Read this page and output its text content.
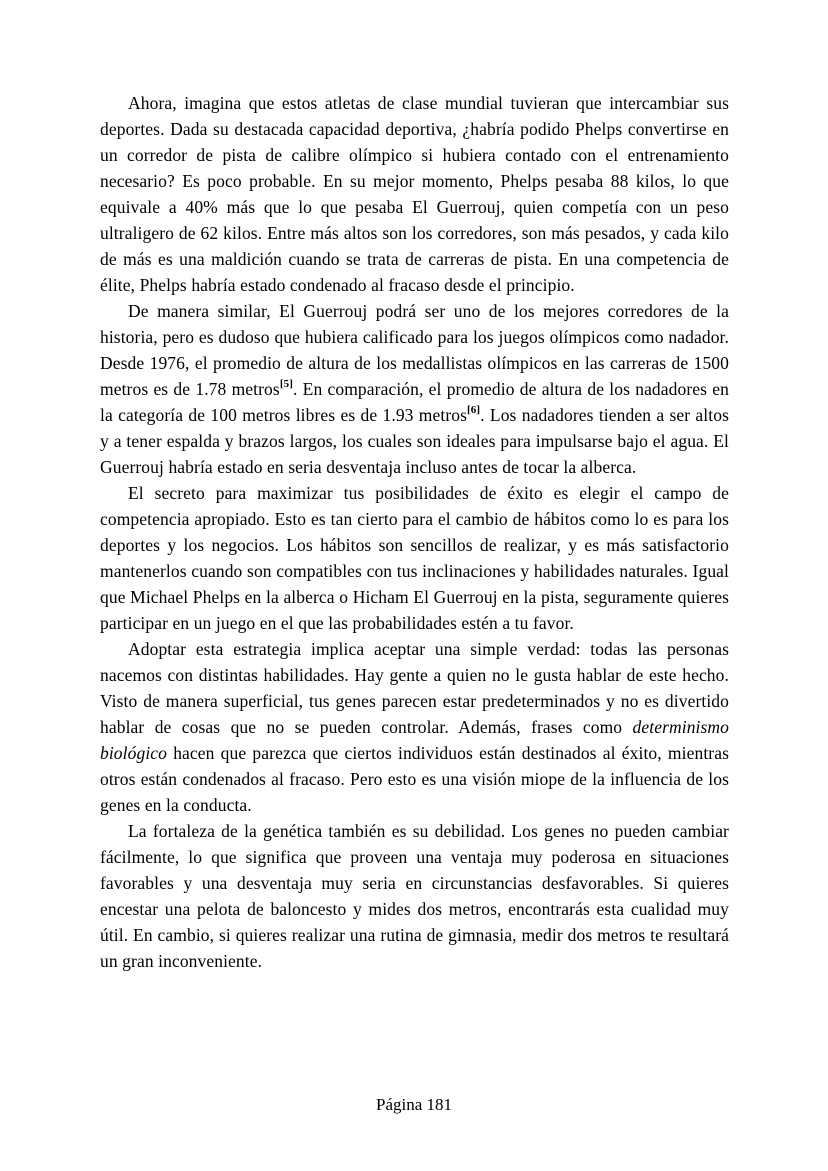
Ahora, imagina que estos atletas de clase mundial tuvieran que intercambiar sus deportes. Dada su destacada capacidad deportiva, ¿habría podido Phelps convertirse en un corredor de pista de calibre olímpico si hubiera contado con el entrenamiento necesario? Es poco probable. En su mejor momento, Phelps pesaba 88 kilos, lo que equivale a 40% más que lo que pesaba El Guerrouj, quien competía con un peso ultraligero de 62 kilos. Entre más altos son los corredores, son más pesados, y cada kilo de más es una maldición cuando se trata de carreras de pista. En una competencia de élite, Phelps habría estado condenado al fracaso desde el principio.

De manera similar, El Guerrouj podrá ser uno de los mejores corredores de la historia, pero es dudoso que hubiera calificado para los juegos olímpicos como nadador. Desde 1976, el promedio de altura de los medallistas olímpicos en las carreras de 1500 metros es de 1.78 metros[5]. En comparación, el promedio de altura de los nadadores en la categoría de 100 metros libres es de 1.93 metros[6]. Los nadadores tienden a ser altos y a tener espalda y brazos largos, los cuales son ideales para impulsarse bajo el agua. El Guerrouj habría estado en seria desventaja incluso antes de tocar la alberca.

El secreto para maximizar tus posibilidades de éxito es elegir el campo de competencia apropiado. Esto es tan cierto para el cambio de hábitos como lo es para los deportes y los negocios. Los hábitos son sencillos de realizar, y es más satisfactorio mantenerlos cuando son compatibles con tus inclinaciones y habilidades naturales. Igual que Michael Phelps en la alberca o Hicham El Guerrouj en la pista, seguramente quieres participar en un juego en el que las probabilidades estén a tu favor.

Adoptar esta estrategia implica aceptar una simple verdad: todas las personas nacemos con distintas habilidades. Hay gente a quien no le gusta hablar de este hecho. Visto de manera superficial, tus genes parecen estar predeterminados y no es divertido hablar de cosas que no se pueden controlar. Además, frases como determinismo biológico hacen que parezca que ciertos individuos están destinados al éxito, mientras otros están condenados al fracaso. Pero esto es una visión miope de la influencia de los genes en la conducta.

La fortaleza de la genética también es su debilidad. Los genes no pueden cambiar fácilmente, lo que significa que proveen una ventaja muy poderosa en situaciones favorables y una desventaja muy seria en circunstancias desfavorables. Si quieres encestar una pelota de baloncesto y mides dos metros, encontrarás esta cualidad muy útil. En cambio, si quieres realizar una rutina de gimnasia, medir dos metros te resultará un gran inconveniente.

Página 181
